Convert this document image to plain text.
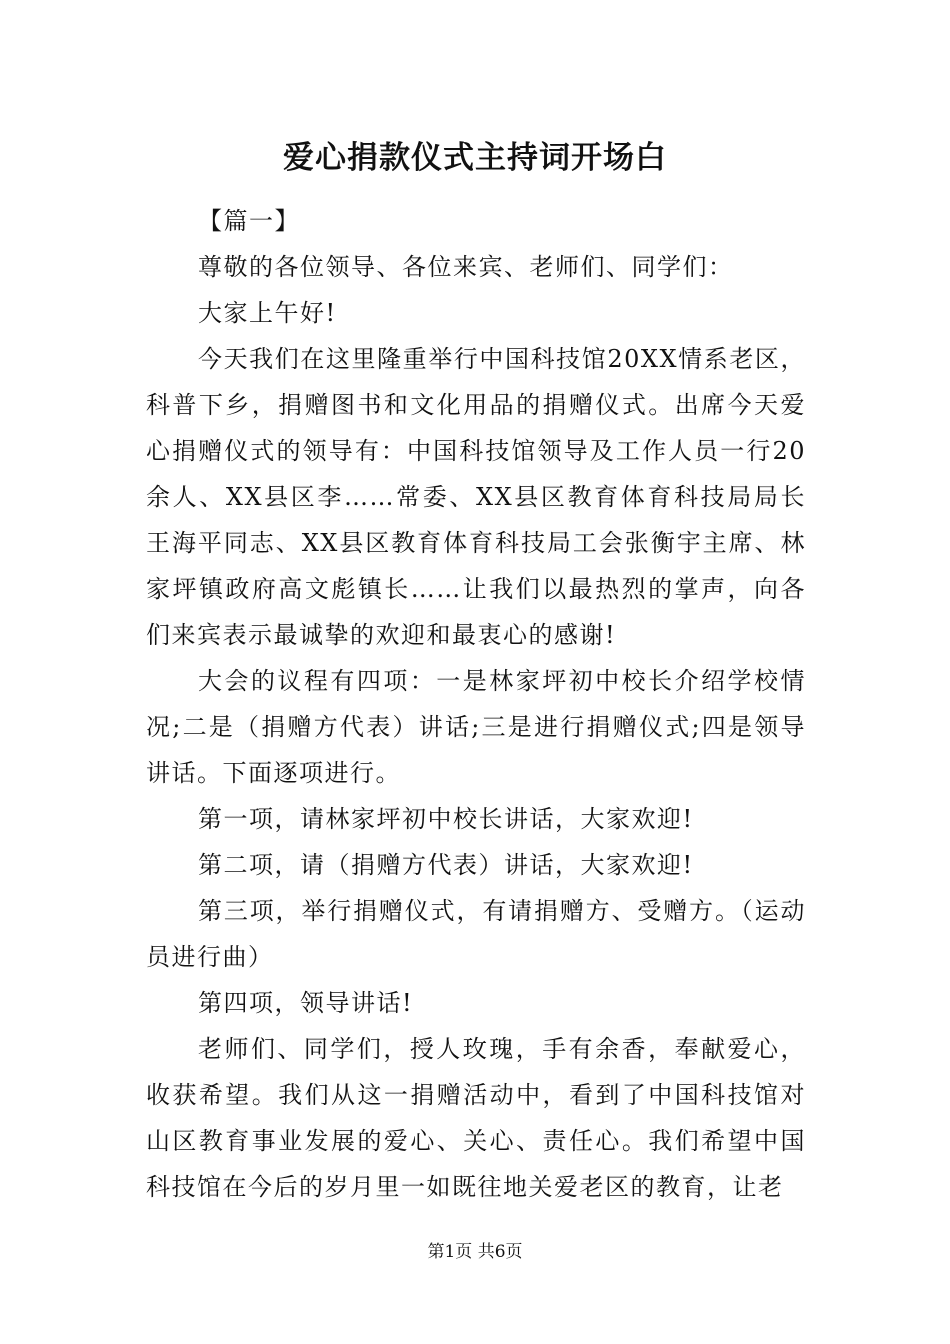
爱心捐款仪式主持词开场白

【篇一】

尊敬的各位领导、各位来宾、老师们、同学们：

大家上午好!

今天我们在这里隆重举行中国科技馆20XX情系老区，科普下乡，捐赠图书和文化用品的捐赠仪式。出席今天爱心捐赠仪式的领导有：中国科技馆领导及工作人员一行20余人、XX县区李……常委、XX县区教育体育科技局局长王海平同志、XX县区教育体育科技局工会张衡宇主席、林家坪镇政府高文彪镇长……让我们以最热烈的掌声，向各们来宾表示最诚挚的欢迎和最衷心的感谢!

大会的议程有四项：一是林家坪初中校长介绍学校情况;二是（捐赠方代表）讲话;三是进行捐赠仪式;四是领导讲话。下面逐项进行。

第一项，请林家坪初中校长讲话，大家欢迎!

第二项，请（捐赠方代表）讲话，大家欢迎!

第三项，举行捐赠仪式，有请捐赠方、受赠方。（运动员进行曲）

第四项，领导讲话!

老师们、同学们，授人玫瑰，手有余香，奉献爱心，收获希望。我们从这一捐赠活动中，看到了中国科技馆对山区教育事业发展的爱心、关心、责任心。我们希望中国科技馆在今后的岁月里一如既往地关爱老区的教育，让老

第1页 共6页
